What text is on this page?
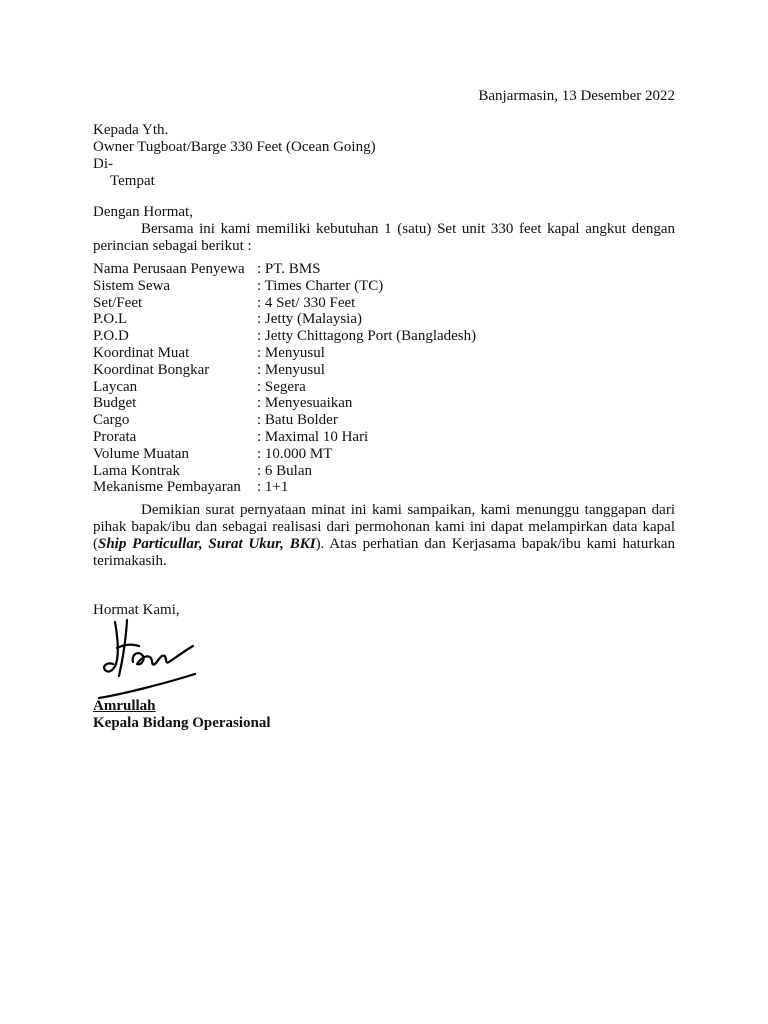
Banjarmasin, 13 Desember 2022
Kepada Yth.
Owner Tugboat/Barge 330 Feet (Ocean Going)
Di-
Tempat
Dengan Hormat,

Bersama ini kami memiliki kebutuhan 1 (satu) Set unit 330 feet kapal angkut dengan perincian sebagai berikut :

Nama Perusaan Penyewa : PT. BMS
Sistem Sewa	: Times Charter (TC)
Set/Feet	: 4 Set/ 330 Feet
P.O.L	: Jetty (Malaysia)
P.O.D	: Jetty Chittagong Port (Bangladesh)
Koordinat Muat	: Menyusul
Koordinat Bongkar	: Menyusul
Laycan	: Segera
Budget	: Menyesuaikan
Cargo	: Batu Bolder
Prorata	: Maximal 10 Hari
Volume Muatan	: 10.000 MT
Lama Kontrak	: 6 Bulan
Mekanisme Pembayaran	: 1+1
Demikian surat pernyataan minat ini kami sampaikan, kami menunggu tanggapan dari pihak bapak/ibu dan sebagai realisasi dari permohonan kami ini dapat melampirkan data kapal (Ship Particullar, Surat Ukur, BKI). Atas perhatian dan Kerjasama bapak/ibu kami haturkan terimakasih.
Hormat Kami,
Amrullah
Kepala Bidang Operasional
